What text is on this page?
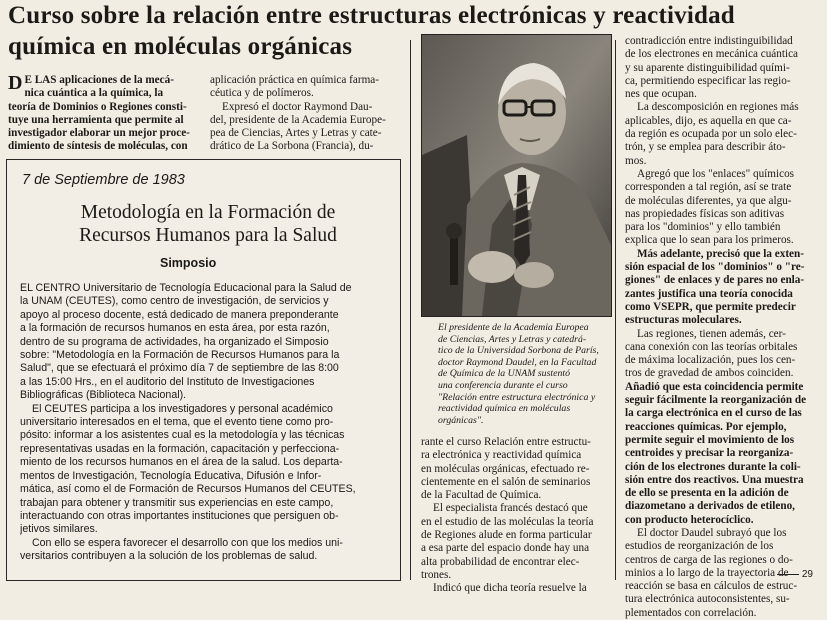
Curso sobre la relación entre estructuras electrónicas y reactividad
química en moléculas orgánicas
D E LAS aplicaciones de la mecá-
nica cuántica a la química, la
teoría de Dominios o Regiones consti-
tuye una herramienta que permite al
investigador elaborar un mejor proce-
dimiento de síntesis de moléculas, con
aplicación práctica en química farma-
céutica y de polímeros.
Expresó el doctor Raymond Dau-
del, presidente de la Academia Europe-
pea de Ciencias, Artes y Letras y cate-
drático de La Sorbona (Francia), du-
7 de Septiembre de 1983
Metodología en la Formación de
Recursos Humanos para la Salud
Simposio
EL CENTRO Universitario de Tecnología Educacional para la Salud de
la UNAM (CEUTES), como centro de investigación, de servicios y
apoyo al proceso docente, está dedicado de manera preponderante
a la formación de recursos humanos en esta área, por esta razón,
dentro de su programa de actividades, ha organizado el Simposio
sobre: "Metodología en la Formación de Recursos Humanos para la
Salud", que se efectuará el próximo día 7 de septiembre de las 8:00
a las 15:00 Hrs., en el auditorio del Instituto de Investigaciones
Bibliográficas (Biblioteca Nacional).
El CEUTES participa a los investigadores y personal académico
universitario interesados en el tema, que el evento tiene como pro-
pósito: informar a los asistentes cual es la metodología y las técnicas
representativas usadas en la formación, capacitación y perfecciona-
miento de los recursos humanos en el área de la salud. Los departa-
mentos de Investigación, Tecnología Educativa, Difusión e Infor-
mática, así como el de Formación de Recursos Humanos del CEUTES,
trabajan para obtener y transmitir sus experiencias en este campo,
interactuando con otras importantes instituciones que persiguen ob-
jetivos similares.
Con ello se espera favorecer el desarrollo con que los medios uni-
versitarios contribuyen a la solución de los problemas de salud.
El presidente de la Academia Europea
de Ciencias, Artes y Letras y catedrá-
tico de la Universidad Sorbona de París,
doctor Raymond Daudel, en la Facultad
de Química de la UNAM sustentó
una conferencia durante el curso
"Relación entre estructura electrónica y
reactividad química en moléculas
orgánicas".
rante el curso Relación entre estructu-
ra electrónica y reactividad química
en moléculas orgánicas, efectuado re-
cientemente en el salón de seminarios
de la Facultad de Química.
El especialista francés destacó que
en el estudio de las moléculas la teoría
de Regiones alude en forma particular
a esa parte del espacio donde hay una
alta probabilidad de encontrar elec-
trones.
Indicó que dicha teoría resuelve la
contradicción entre indistinguibilidad
de los electrones en mecánica cuántica
y su aparente distinguibilidad quími-
ca, permitiendo especificar las regio-
nes que ocupan.
La descomposición en regiones más
aplicables, dijo, es aquella en que ca-
da región es ocupada por un solo elec-
trón, y se emplea para describir áto-
mos.
Agregó que los "enlaces" químicos
corresponden a tal región, así se trate
de moléculas diferentes, ya que algu-
nas propiedades físicas son aditivas
para los "dominios" y ello también
explica que lo sean para los primeros.
Más adelante, precisó que la exten-
sión espacial de los "dominios" o "re-
giones" de enlaces y de pares no enla-
zantes justifica una teoría conocida
como VSEPR, que permite predecir
estructuras moleculares.
Las regiones, tienen además, cer-
cana conexión con las teorías orbitales
de máxima localización, pues los cen-
tros de gravedad de ambos coinciden.
Añadió que esta coincidencia permite
seguir fácilmente la reorganización de
la carga electrónica en el curso de las
reacciones químicas. Por ejemplo,
permite seguir el movimiento de los
centroides y precisar la reorganiza-
ción de los electrones durante la coli-
sión entre dos reactivos. Una muestra
de ello se presenta en la adición de
diazometano a derivados de etileno,
con producto heterocíclico.
El doctor Daudel subrayó que los
estudios de reorganización de los
centros de carga de las regiones o do-
minios a lo largo de la trayectoria de
reacción se basa en cálculos de estruc-
tura electrónica autoconsistentes, su-
plementados con correlación.
29
